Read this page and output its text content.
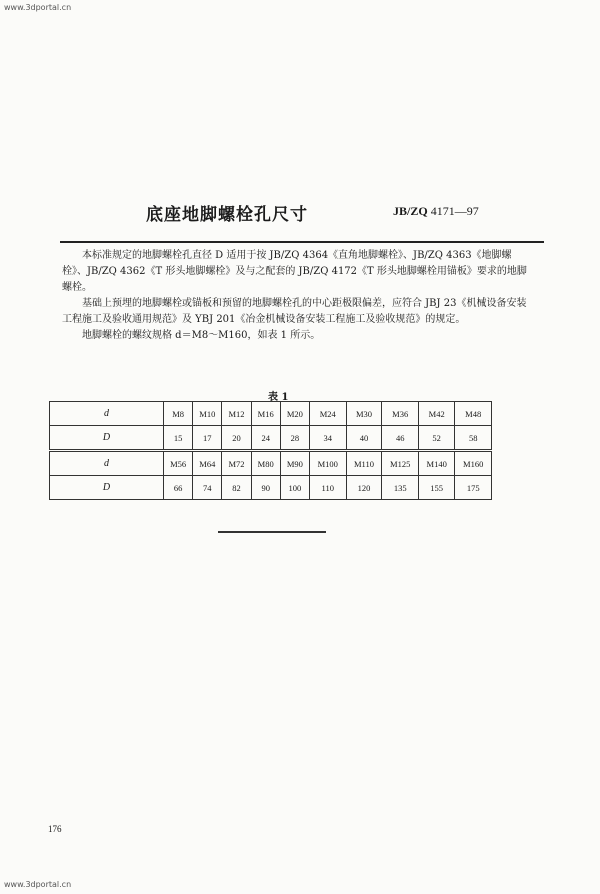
www.3dportal.cn
底座地脚螺栓孔尺寸	JB/ZQ 4171—97

本标准规定的地脚螺栓孔直径 D 适用于按 JB/ZQ 4364《直角地脚螺栓》、JB/ZQ 4363《地脚螺栓》、JB/ZQ 4362《T 形头地脚螺栓》及与之配套的 JB/ZQ 4172《T 形头地脚螺栓用锚板》要求的地脚螺栓。

基础上预埋的地脚螺栓或锚板和预留的地脚螺栓孔的中心距极限偏差，应符合 JBJ 23《机械设备安装工程施工及验收通用规范》及 YBJ 201《冶金机械设备安装工程施工及验收规范》的规定。

地脚螺栓的螺纹规格 d＝M8～M160，如表 1 所示。

表 1
d	M8	M10	M12	M16	M20	M24	M30	M36	M42	M48
D	15	17	20	24	28	34	40	46	52	58
d	M56	M64	M72	M80	M90	M100	M110	M125	M140	M160
D	66	74	82	90	100	110	120	135	155	175
176
www.3dportal.cn
